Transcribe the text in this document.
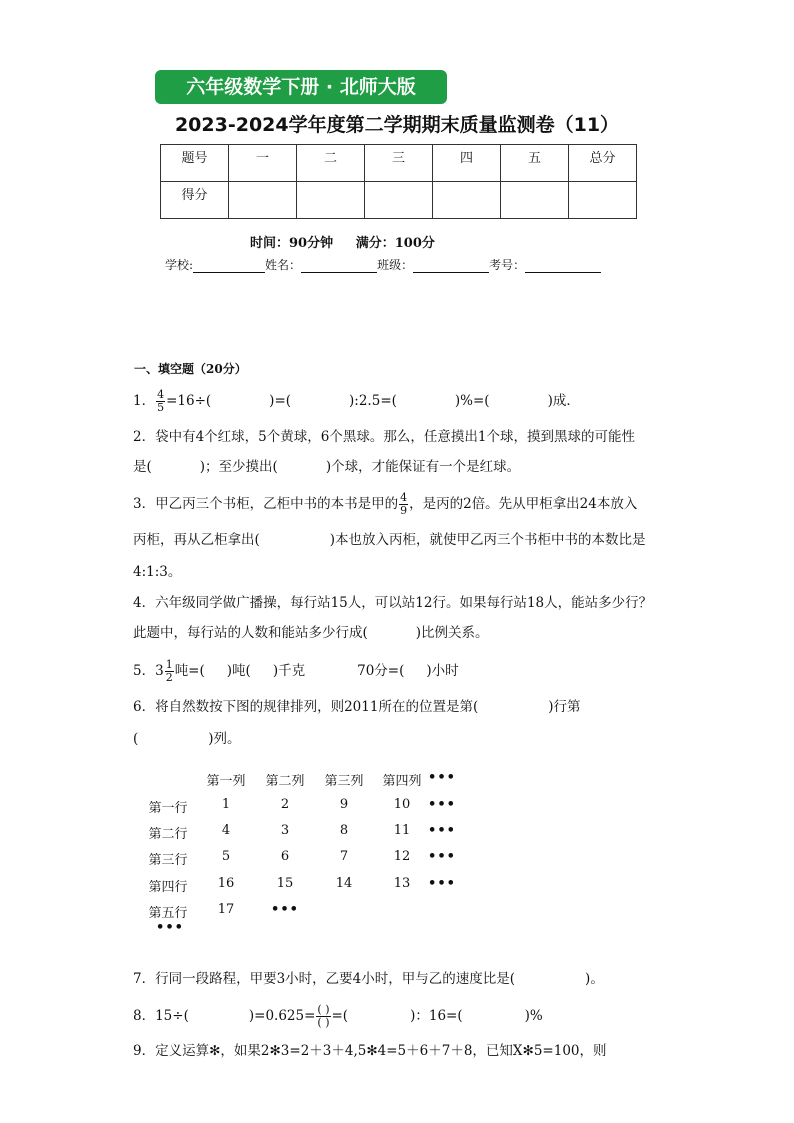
六年级数学下册 · 北师大版
2023-2024学年度第二学期期末质量监测卷（11）
题号	一	二	三	四	五	总分
得分						
时间：90分钟 满分：100分
学校:	姓名：	班级：	考号：
一、填空题（20分）
1． $\frac{4}{5} =16\div$(	)=(	):2.5=(	)%=(	)成．
2．袋中有4个红球，5个黄球，6个黑球。那么，任意摸出1个球，摸到黑球的可能性
是(	)；至少摸出(	)个球，才能保证有一个是红球。
3．甲乙丙三个书柜，乙柜中书的本书是甲的 $\frac{4}{9}$ ，是丙的2倍。先从甲柜拿出24本放入
丙柜，再从乙柜拿出(	)本也放入丙柜，就使甲乙丙三个书柜中书的本数比是
4:1:3。
4．六年级同学做广播操，每行站15人，可以站12行。如果每行站18人，能站多少行？
此题中，每行站的人数和能站多少行成(	)比例关系。
5．$3 \frac{1}{2}$ 吨=( )吨( )千克	70分=( )小时
6．将自然数按下图的规律排列，则2011所在的位置是第(	)行第
(	)列。
第一列	第二列	第三列	第四列 •••
第一行	1	2	9	10	•••
第二行	4	3	8	11	•••
第三行	5	6	7	12	•••
第四行	16	15	14	13	•••
第五行	17	•••
•••
7．行同一段路程，甲要3小时，乙要4小时，甲与乙的速度比是(	)。
8．15÷(	)$=0.625= \frac{( )}{( )}$ =(	)：16=(	)%
9．定义运算✻，如果2✻3=2＋3＋4,5✻4=5＋6＋7＋8，已知X✻5=100，则
